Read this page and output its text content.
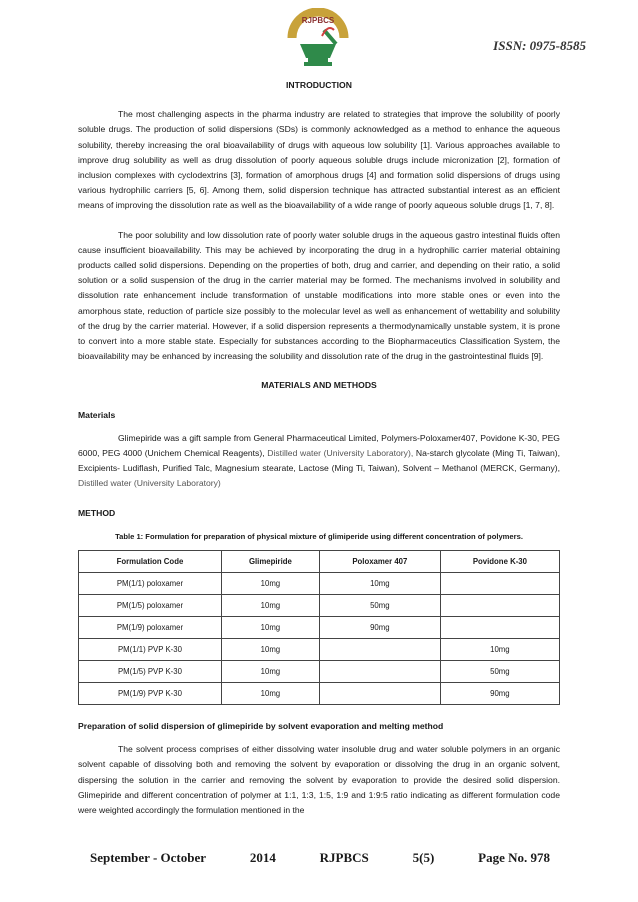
RJPBCS
ISSN: 0975-8585

INTRODUCTION

The most challenging aspects in the pharma industry are related to strategies that improve the solubility of poorly soluble drugs. The production of solid dispersions (SDs) is commonly acknowledged as a method to enhance the aqueous solubility, thereby increasing the oral bioavailability of drugs with aqueous low solubility [1]. Various approaches available to improve drug solubility as well as drug dissolution of poorly aqueous soluble drugs include micronization [2], formation of inclusion complexes with cyclodextrins [3], formation of amorphous drugs [4] and formation solid dispersions of drugs using various hydrophilic carriers [5, 6]. Among them, solid dispersion technique has attracted substantial interest as an efficient means of improving the dissolution rate as well as the bioavailability of a wide range of poorly aqueous soluble drugs [1, 7, 8].

The poor solubility and low dissolution rate of poorly water soluble drugs in the aqueous gastro intestinal fluids often cause insufficient bioavailability. This may be achieved by incorporating the drug in a hydrophilic carrier material obtaining products called solid dispersions. Depending on the properties of both, drug and carrier, and depending on their ratio, a solid solution or a solid suspension of the drug in the carrier material may be formed. The mechanisms involved in solubility and dissolution rate enhancement include transformation of unstable modifications into more stable ones or even into the amorphous state, reduction of particle size possibly to the molecular level as well as enhancement of wettability and solubility of the drug by the carrier material. However, if a solid dispersion represents a thermodynamically unstable system, it is prone to convert into a more stable state. Especially for substances according to the Biopharmaceutics Classification System, the bioavailability may be enhanced by increasing the solubility and dissolution rate of the drug in the gastrointestinal fluids [9].

MATERIALS AND METHODS

Materials

Glimepiride was a gift sample from General Pharmaceutical Limited, Polymers-Poloxamer407, Povidone K-30, PEG 6000, PEG 4000 (Unichem Chemical Reagents), Distilled water (University Laboratory), Na-starch glycolate (Ming Ti, Taiwan), Excipients- Ludiflash, Purified Talc, Magnesium stearate, Lactose (Ming Ti, Taiwan), Solvent – Methanol (MERCK, Germany), Distilled water (University Laboratory)

METHOD

Table 1: Formulation for preparation of physical mixture of glimiperide using different concentration of polymers.

Formulation Code	Glimepiride	Poloxamer 407	Povidone K-30
PM(1/1) poloxamer	10mg	10mg	
PM(1/5) poloxamer	10mg	50mg	
PM(1/9) poloxamer	10mg	90mg	
PM(1/1) PVP K-30	10mg		10mg
PM(1/5) PVP K-30	10mg		50mg
PM(1/9) PVP K-30	10mg		90mg

Preparation of solid dispersion of glimepiride by solvent evaporation and melting method

The solvent process comprises of either dissolving water insoluble drug and water soluble polymers in an organic solvent capable of dissolving both and removing the solvent by evaporation or dissolving the drug in an organic solvent, dispersing the solution in the carrier and removing the solvent by evaporation to provide the desired solid dispersion. Glimepiride and different concentration of polymer at 1:1, 1:3, 1:5, 1:9 and 1:9:5 ratio indicating as different formulation code were weighted accordingly the formulation mentioned in the

September - October	2014	RJPBCS	5(5)	Page No. 978
